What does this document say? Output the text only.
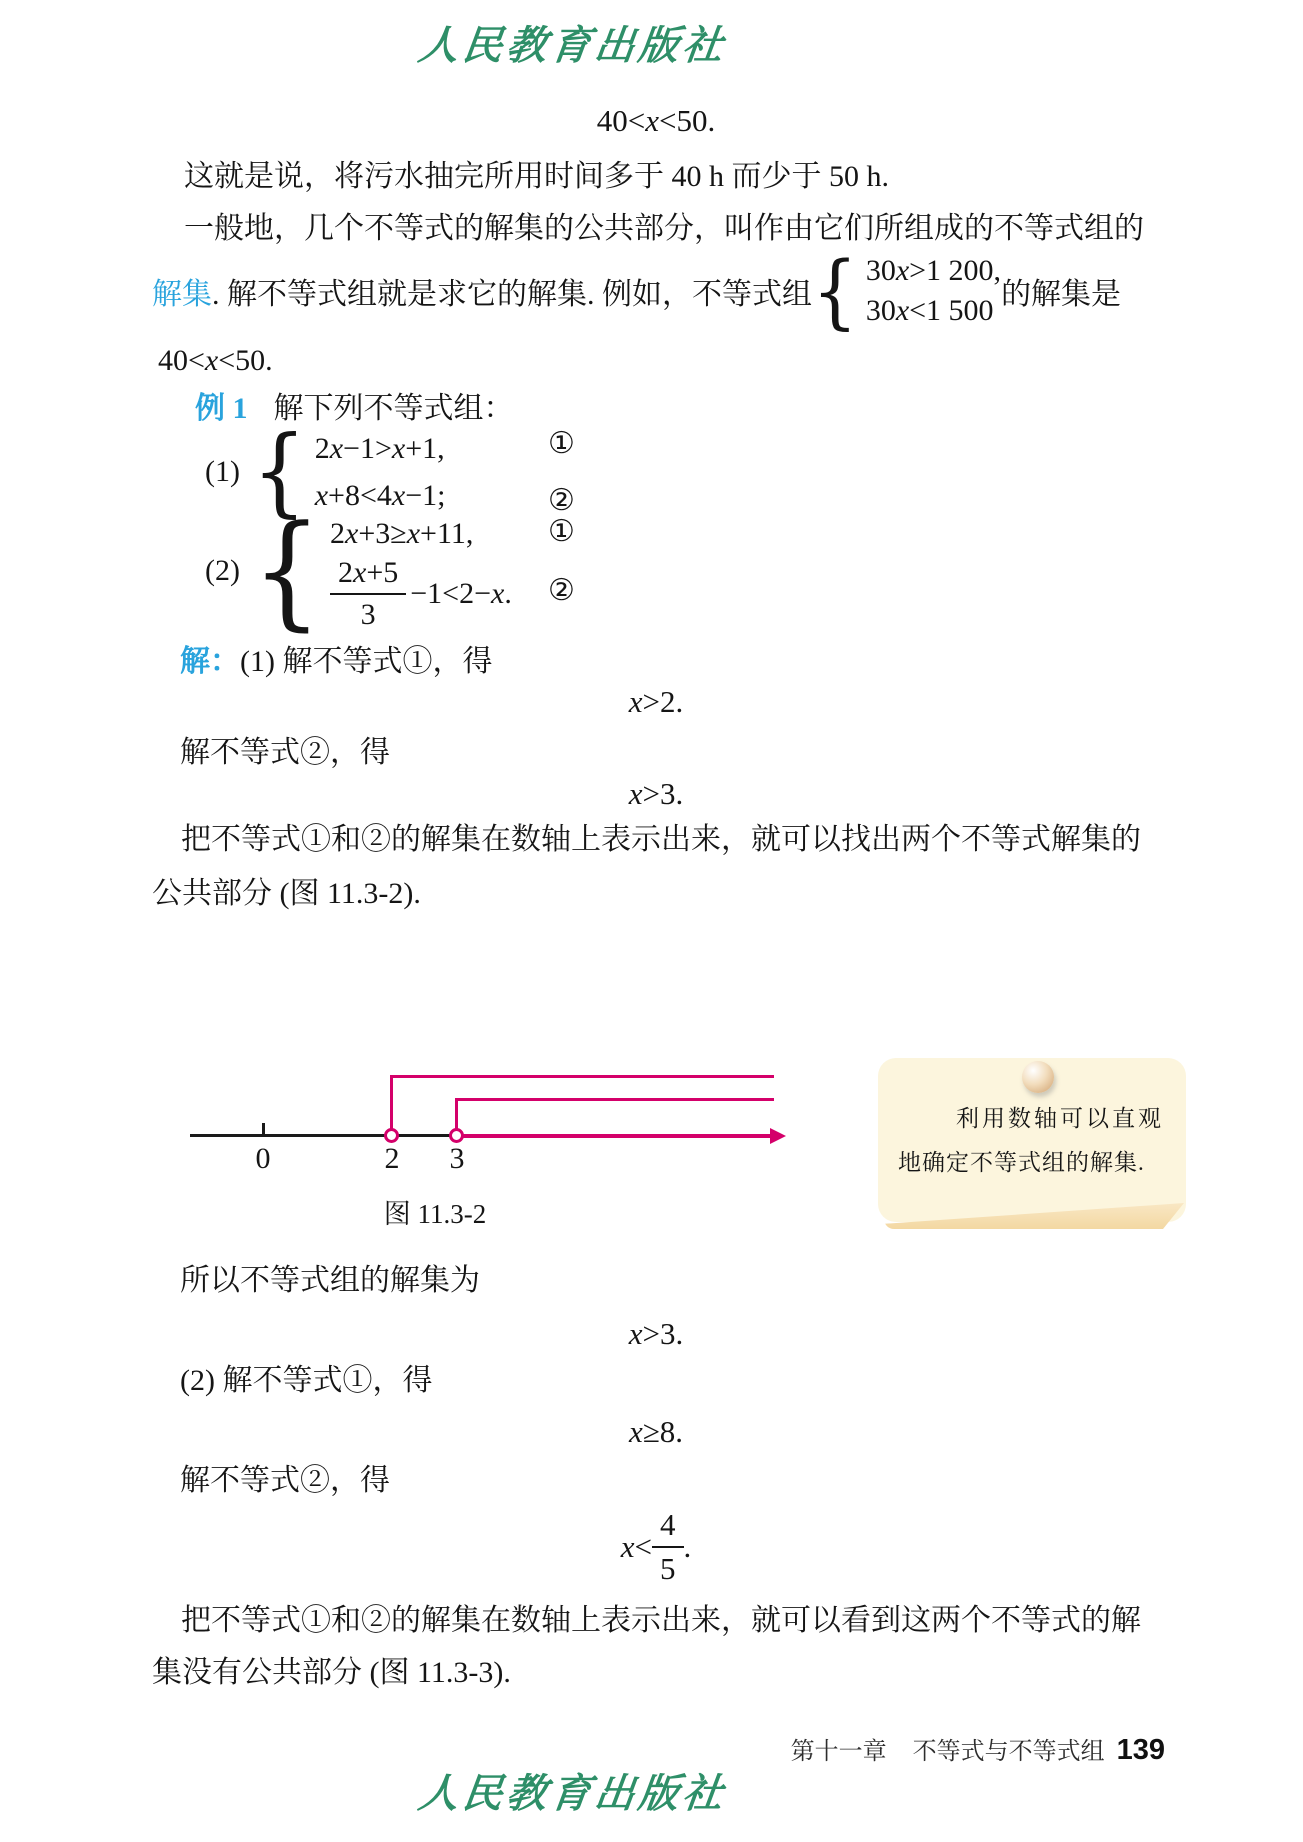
人民教育出版社
40<x<50.
这就是说，将污水抽完所用时间多于 40 h 而少于 50 h.
一般地，几个不等式的解集的公共部分，叫作由它们所组成的不等式组的
解集 . 解不等式组就是求它的解集. 例如，不等式组 { 30x>1 200,
30x<1 500 的解集是
40<x<50.
例 1 解下列不等式组：
(1) { 2x−1>x+1,
x+8<4x−1;
①
②
(2) { 2x+3≥x+11,
$\frac{2x+5}{3} -1<2-x$.
①
②
解：(1) 解不等式①，得
x>2.
解不等式②，得
x>3.
把不等式①和②的解集在数轴上表示出来，就可以找出两个不等式解集的
公共部分 (图 11.3-2).
0	2 3
图 11.3-2
利用数轴可以直观
地确定不等式组的解集.
所以不等式组的解集为
x>3.
(2) 解不等式①，得
x≥8.
解不等式②，得
$x< \frac{4}{5}$ .
把不等式①和②的解集在数轴上表示出来，就可以看到这两个不等式的解
集没有公共部分 (图 11.3-3).
第十一章 不等式与不等式组 139
人民教育出版社
